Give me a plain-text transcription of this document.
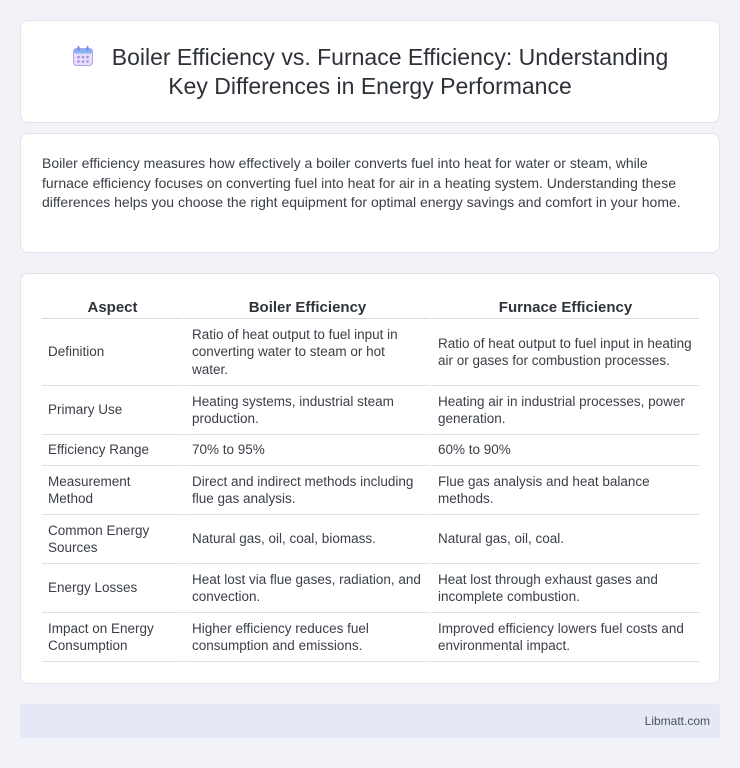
Boiler Efficiency vs. Furnace Efficiency: Understanding Key Differences in Energy Performance

Boiler efficiency measures how effectively a boiler converts fuel into heat for water or steam, while furnace efficiency focuses on converting fuel into heat for air in a heating system. Understanding these differences helps you choose the right equipment for optimal energy savings and comfort in your home.

Aspect	Boiler Efficiency	Furnace Efficiency
Definition	Ratio of heat output to fuel input in converting water to steam or hot water.	Ratio of heat output to fuel input in heating air or gases for combustion processes.
Primary Use	Heating systems, industrial steam production.	Heating air in industrial processes, power generation.
Efficiency Range	70% to 95%	60% to 90%
Measurement Method	Direct and indirect methods including flue gas analysis.	Flue gas analysis and heat balance methods.
Common Energy Sources	Natural gas, oil, coal, biomass.	Natural gas, oil, coal.
Energy Losses	Heat lost via flue gases, radiation, and convection.	Heat lost through exhaust gases and incomplete combustion.
Impact on Energy Consumption	Higher efficiency reduces fuel consumption and emissions.	Improved efficiency lowers fuel costs and environmental impact.
Libmatt.com
